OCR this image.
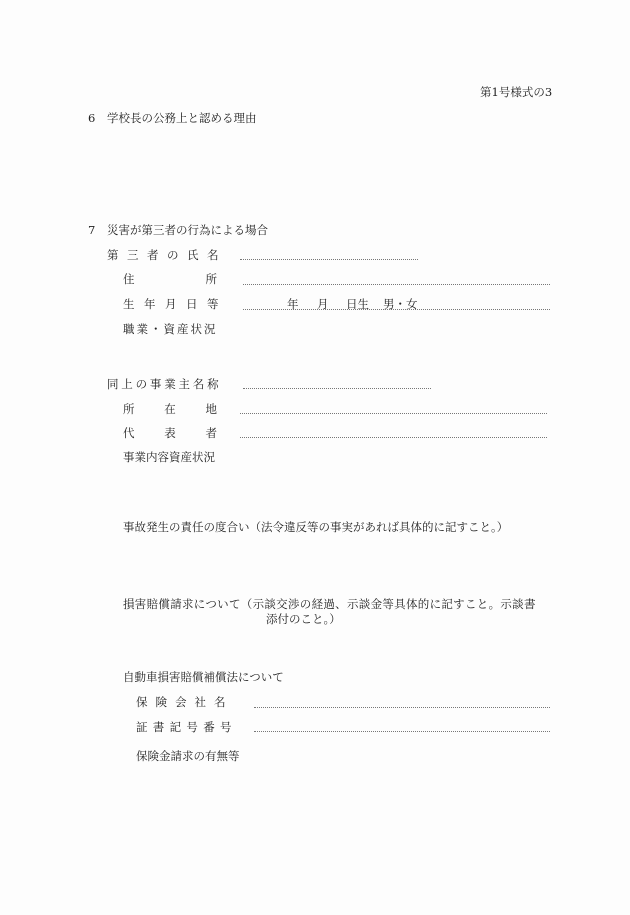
第1号様式の3
6 学校長の公務上と認める理由
7 災害が第三者の行為による場合
第三者の氏名
住	所
生年月日等	年 月 日生 男・女
職業・資産状況
同上の事業主名称
所	在	地
代	表	者
事業内容資産状況
事故発生の責任の度合い（法令違反等の事実があれば具体的に記すこと。）
損害賠償請求について（示談交渉の経過、示談金等具体的に記すこと。示談書
添付のこと。）
自動車損害賠償補償法について
保険会社名
証書記号番号
保険金請求の有無等
